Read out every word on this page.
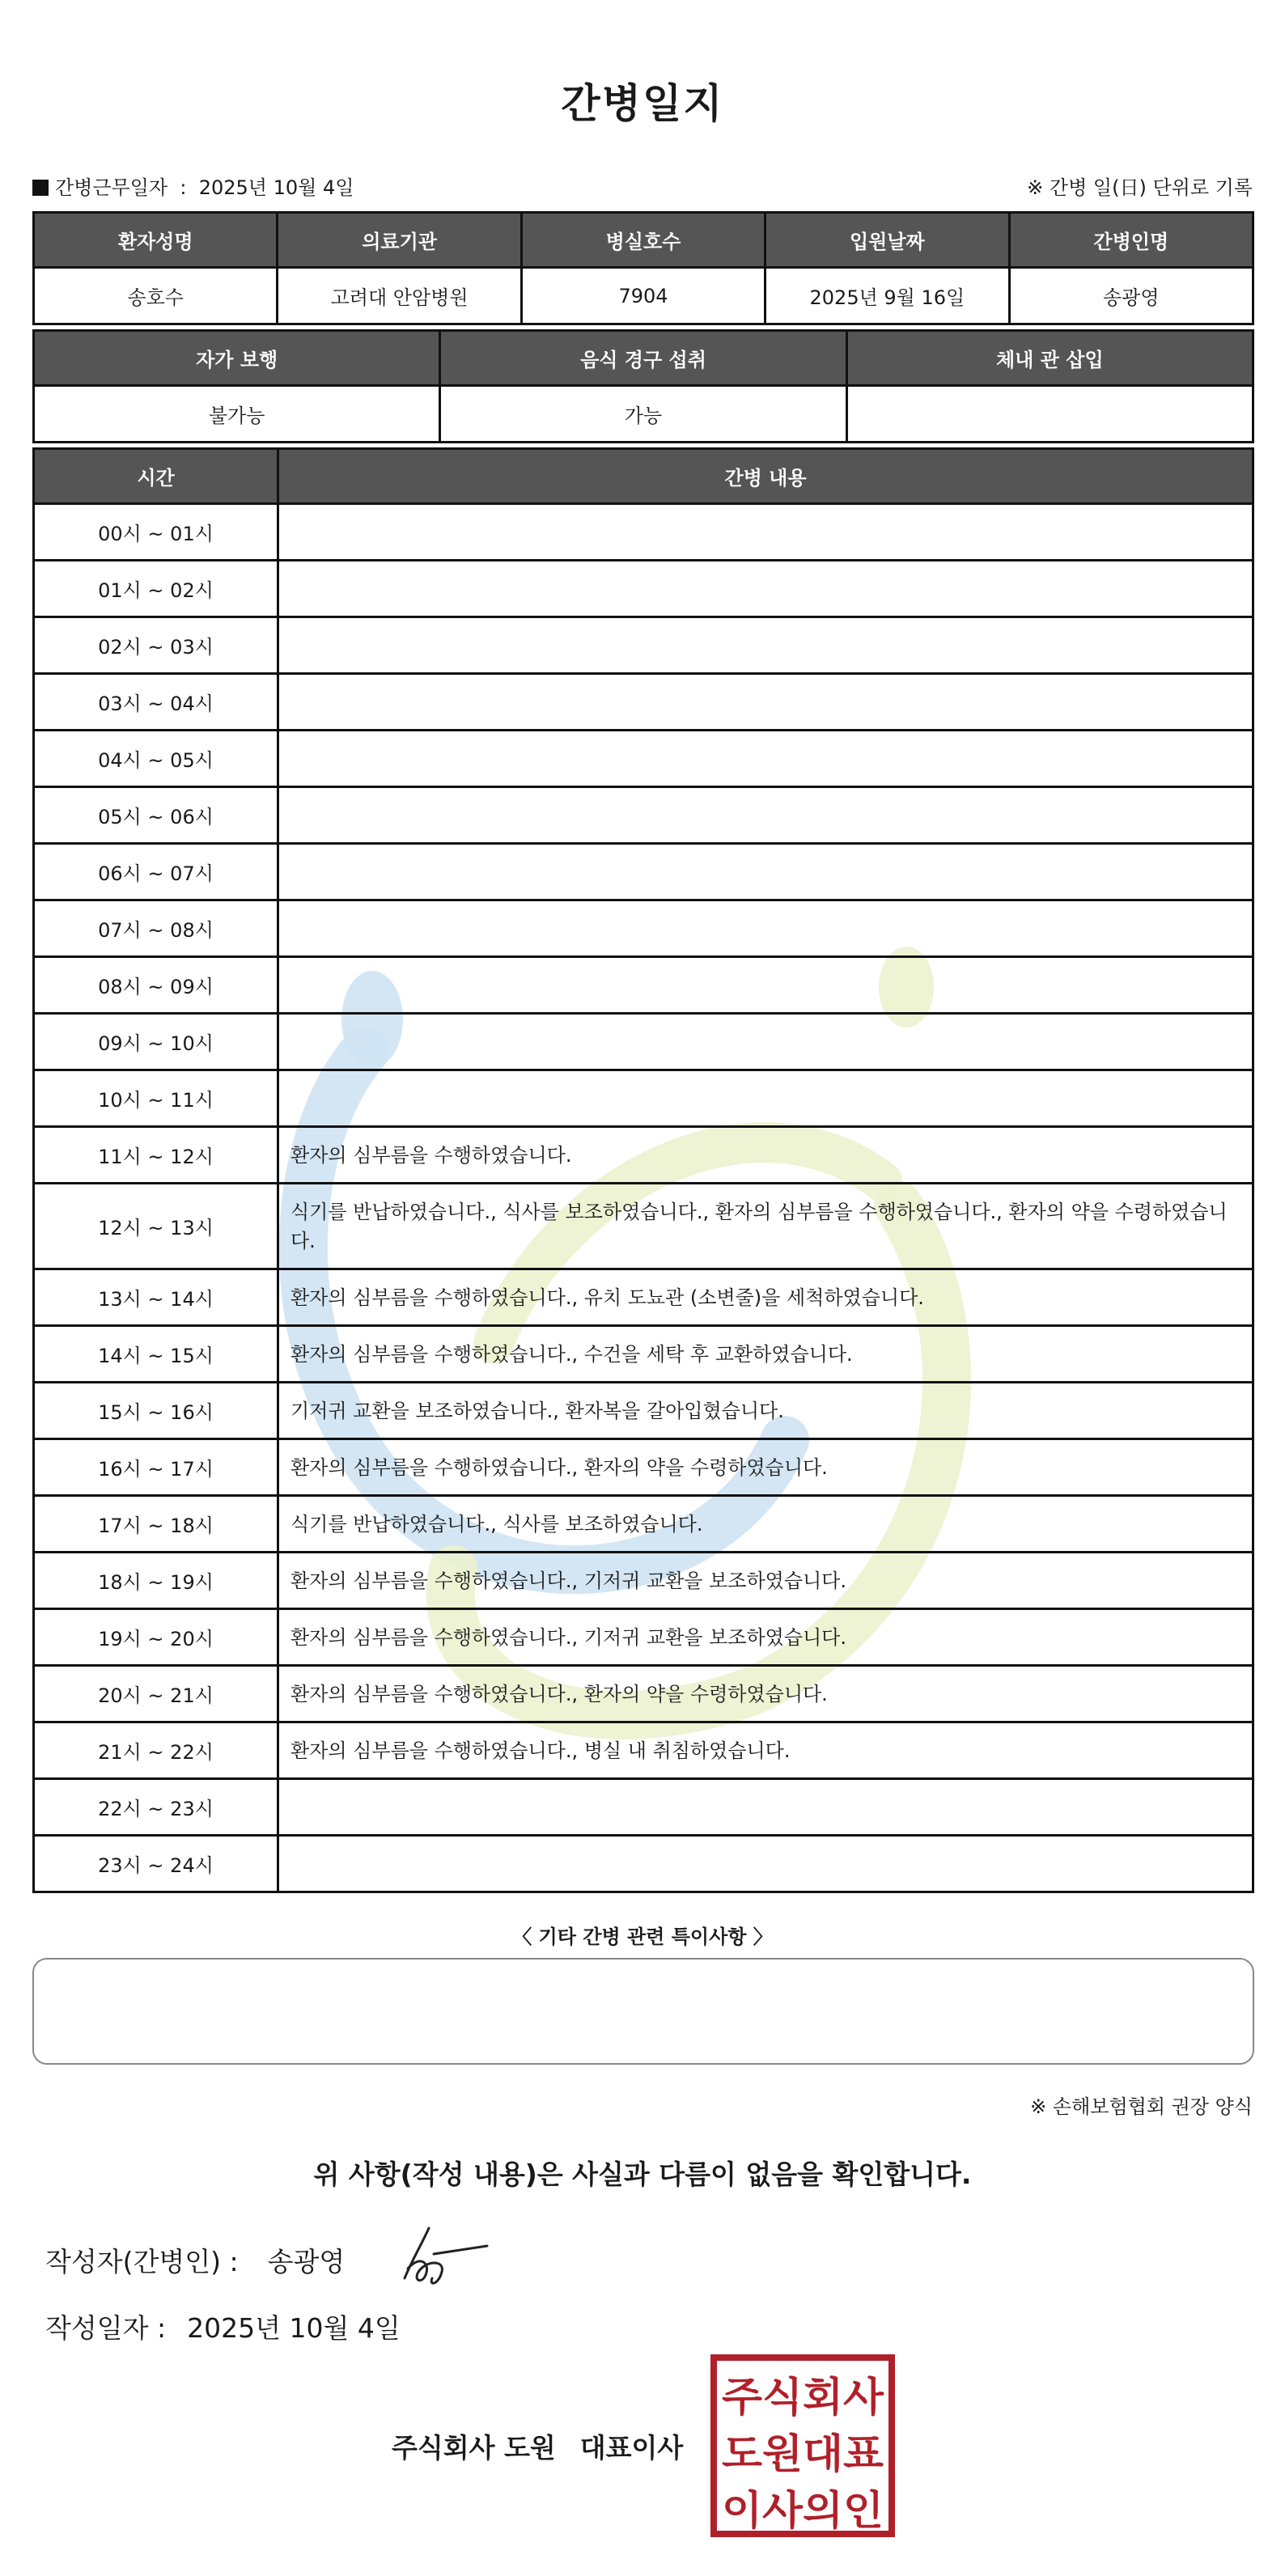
간병일지
간병근무일자  :  2025년 10월 4일	※ 간병 일(日) 단위로 기록
환자성명	의료기관	병실호수	입원날짜	간병인명
송호수	고려대 안암병원	7904	2025년 9월 16일	송광영
자가 보행	음식 경구 섭취	체내 관 삽입
불가능	가능	
시간	간병 내용
00시 ~ 01시	
01시 ~ 02시	
02시 ~ 03시	
03시 ~ 04시	
04시 ~ 05시	
05시 ~ 06시	
06시 ~ 07시	
07시 ~ 08시	
08시 ~ 09시	
09시 ~ 10시	
10시 ~ 11시	
11시 ~ 12시	환자의 심부름을 수행하였습니다.
12시 ~ 13시	식기를 반납하였습니다., 식사를 보조하였습니다., 환자의 심부름을 수행하였습니다., 환자의 약을 수령하였습니다.
13시 ~ 14시	환자의 심부름을 수행하였습니다., 유치 도뇨관 (소변줄)을 세척하였습니다.
14시 ~ 15시	환자의 심부름을 수행하였습니다., 수건을 세탁 후 교환하였습니다.
15시 ~ 16시	기저귀 교환을 보조하였습니다., 환자복을 갈아입혔습니다.
16시 ~ 17시	환자의 심부름을 수행하였습니다., 환자의 약을 수령하였습니다.
17시 ~ 18시	식기를 반납하였습니다., 식사를 보조하였습니다.
18시 ~ 19시	환자의 심부름을 수행하였습니다., 기저귀 교환을 보조하였습니다.
19시 ~ 20시	환자의 심부름을 수행하였습니다., 기저귀 교환을 보조하였습니다.
20시 ~ 21시	환자의 심부름을 수행하였습니다., 환자의 약을 수령하였습니다.
21시 ~ 22시	환자의 심부름을 수행하였습니다., 병실 내 취침하였습니다.
22시 ~ 23시	
23시 ~ 24시	
〈 기타 간병 관련 특이사항 〉
※ 손해보험협회 권장 양식
위 사항(작성 내용)은 사실과 다름이 없음을 확인합니다.
작성자(간병인) : 송광영
작성일자 : 2025년 10월 4일
주식회사 도원 대표이사
주식회사
도원대표
이사의인
